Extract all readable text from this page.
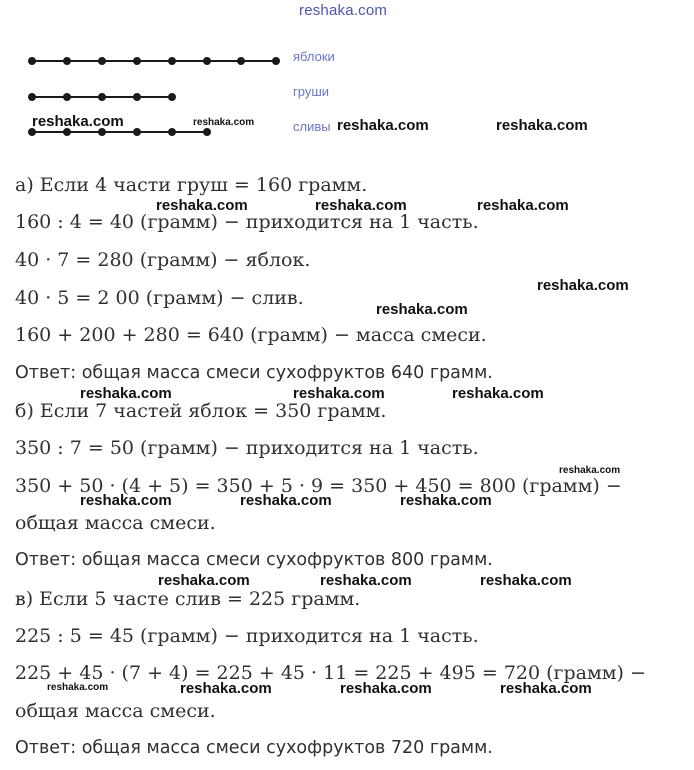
reshaka.com
яблоки
груши
сливы
а) Если 4 части груш = 160 грамм.
160 : 4 = 40 (грамм) − приходится на 1 часть.
40 · 7 = 280 (грамм) − яблок.
40 · 5 = 2 00 (грамм) − слив.
160 + 200 + 280 = 640 (грамм) − масса смеси.
Ответ: общая масса смеси сухофруктов 640 грамм.
б) Если 7 частей яблок = 350 грамм.
350 : 7 = 50 (грамм) − приходится на 1 часть.
350 + 50 · (4 + 5) = 350 + 5 · 9 = 350 + 450 = 800 (грамм) −
общая масса смеси.
Ответ: общая масса смеси сухофруктов 800 грамм.
в) Если 5 часте слив = 225 грамм.
225 : 5 = 45 (грамм) − приходится на 1 часть.
225 + 45 · (7 + 4) = 225 + 45 · 11 = 225 + 495 = 720 (грамм) −
общая масса смеси.
Ответ: общая масса смеси сухофруктов 720 грамм.
reshaka.com	reshaka.com	reshaka.com	reshaka.com
reshaka.com	reshaka.com	reshaka.com
reshaka.com
reshaka.com
reshaka.com	reshaka.com	reshaka.com
reshaka.com
reshaka.com	reshaka.com	reshaka.com
reshaka.com	reshaka.com	reshaka.com
reshaka.com	reshaka.com	reshaka.com	reshaka.com
